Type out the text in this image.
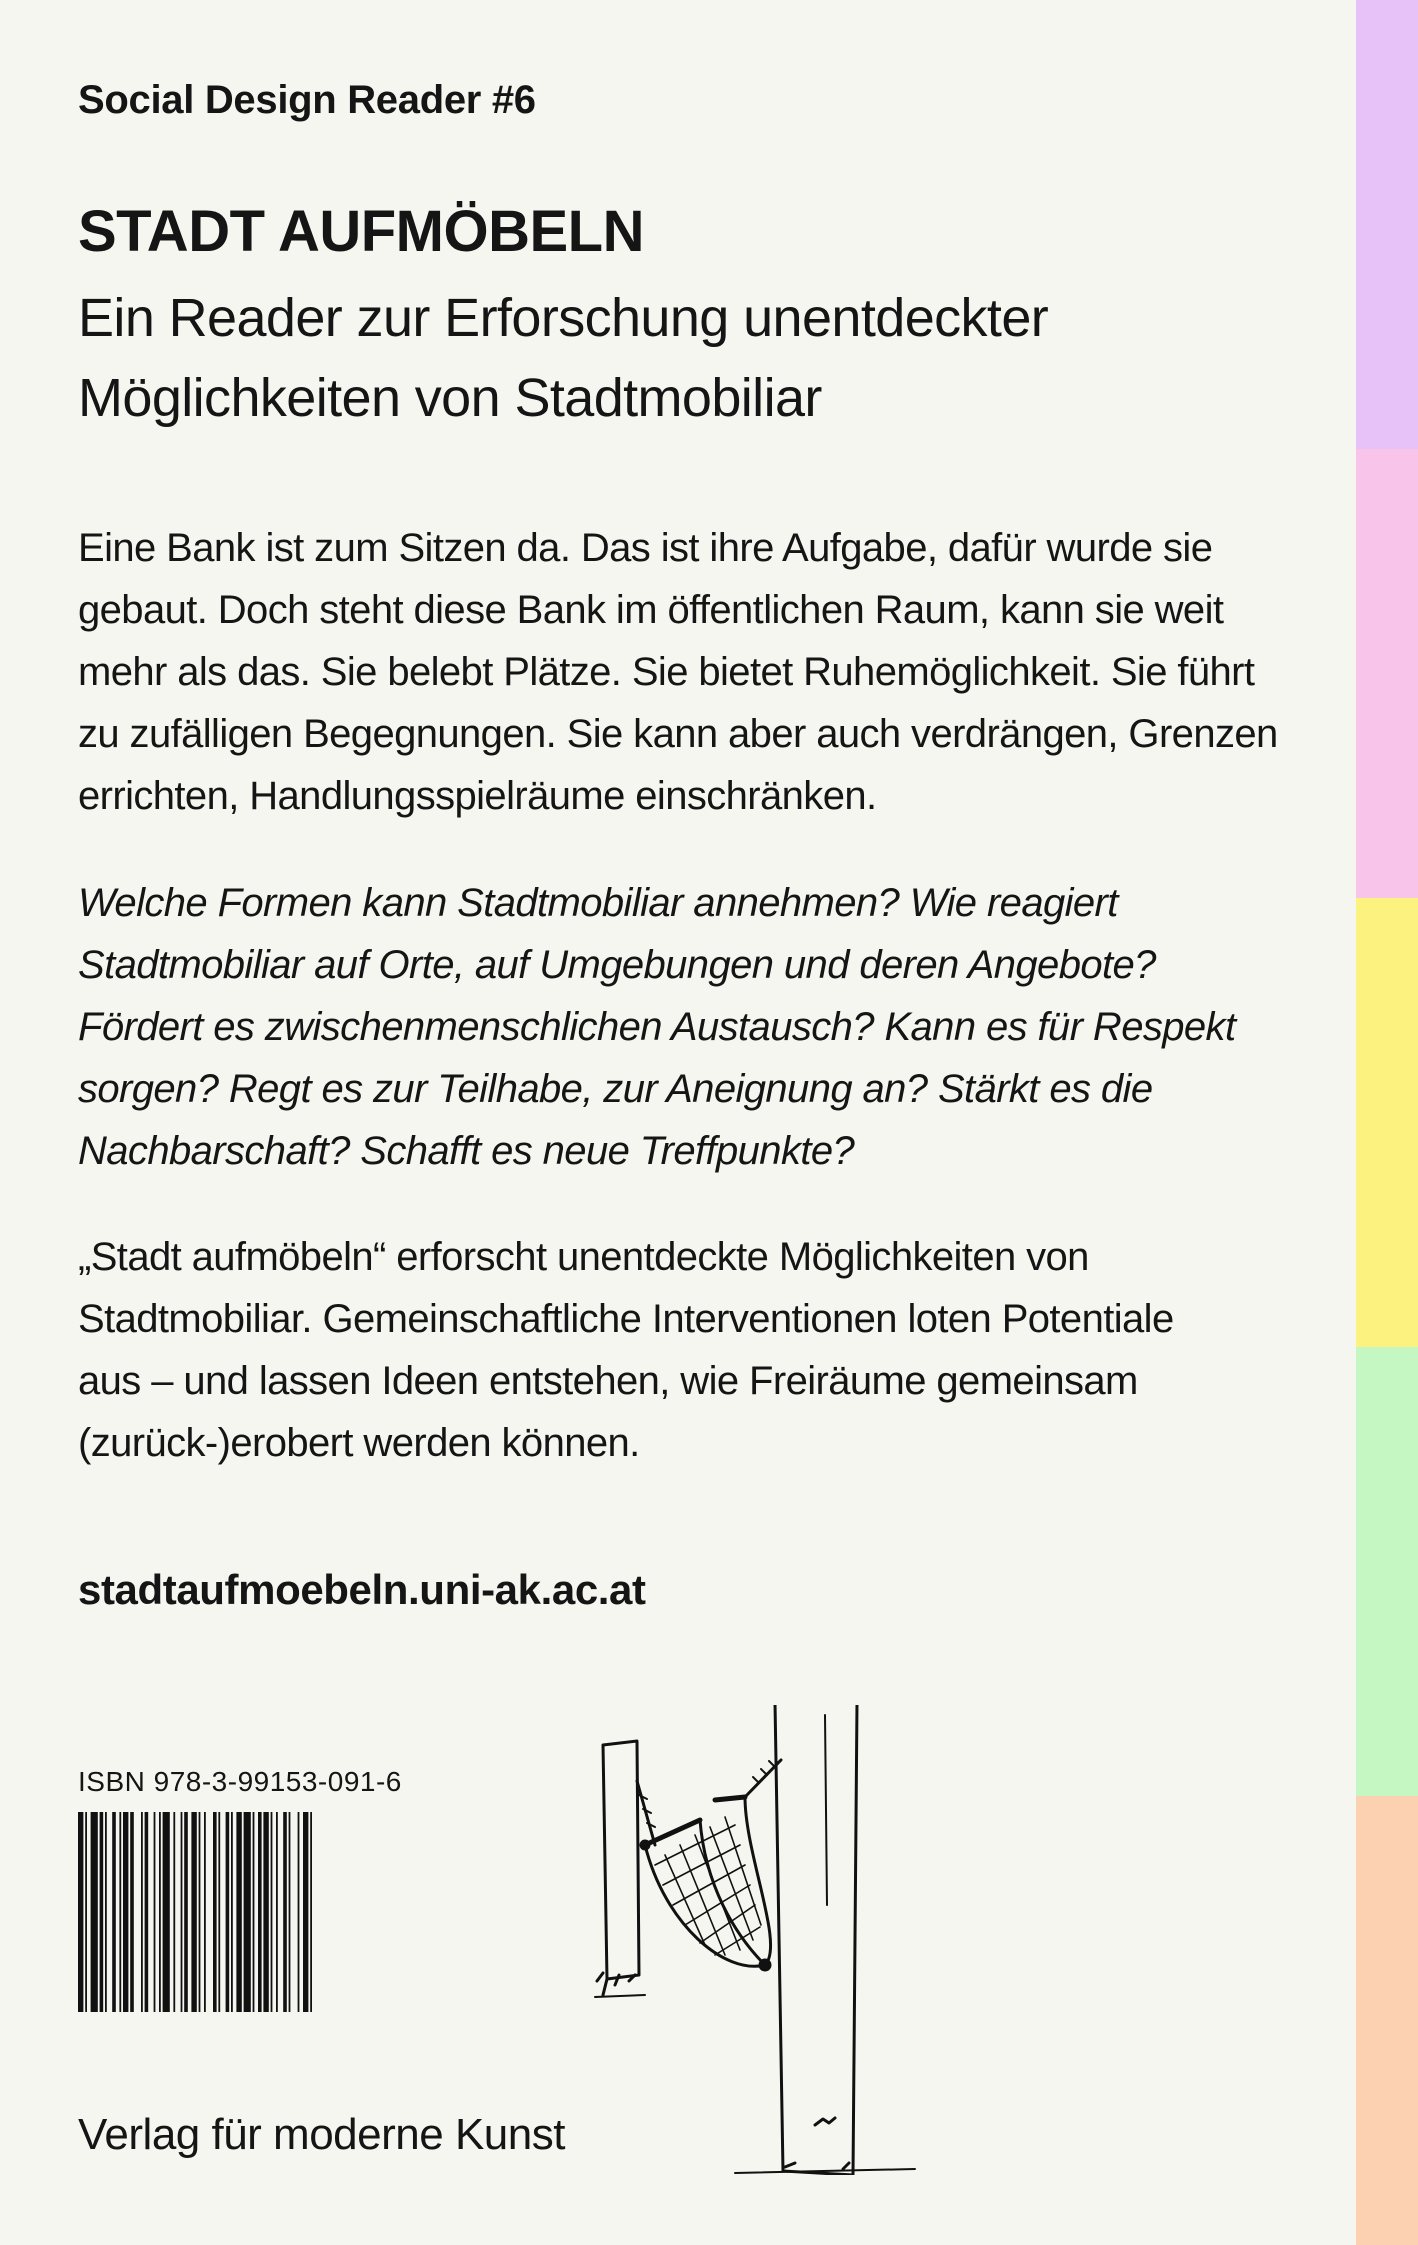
Social Design Reader #6
STADT AUFMÖBELN
Ein Reader zur Erforschung unentdeckter
Möglichkeiten von Stadtmobiliar
Eine Bank ist zum Sitzen da. Das ist ihre Aufgabe, dafür wurde sie
gebaut. Doch steht diese Bank im öffentlichen Raum, kann sie weit
mehr als das. Sie belebt Plätze. Sie bietet Ruhemöglichkeit. Sie führt
zu zufälligen Begegnungen. Sie kann aber auch verdrängen, Grenzen
errichten, Handlungsspielräume einschränken.
Welche Formen kann Stadtmobiliar annehmen? Wie reagiert
Stadtmobiliar auf Orte, auf Umgebungen und deren Angebote?
Fördert es zwischenmenschlichen Austausch? Kann es für Respekt
sorgen? Regt es zur Teilhabe, zur Aneignung an? Stärkt es die
Nachbarschaft? Schafft es neue Treffpunkte?
„Stadt aufmöbeln“ erforscht unentdeckte Möglichkeiten von
Stadtmobiliar. Gemeinschaftliche Interventionen loten Potentiale
aus – und lassen Ideen entstehen, wie Freiräume gemeinsam
(zurück-)erobert werden können.
stadtaufmoebeln.uni-ak.ac.at
ISBN 978-3-99153-091-6
Verlag für moderne Kunst
